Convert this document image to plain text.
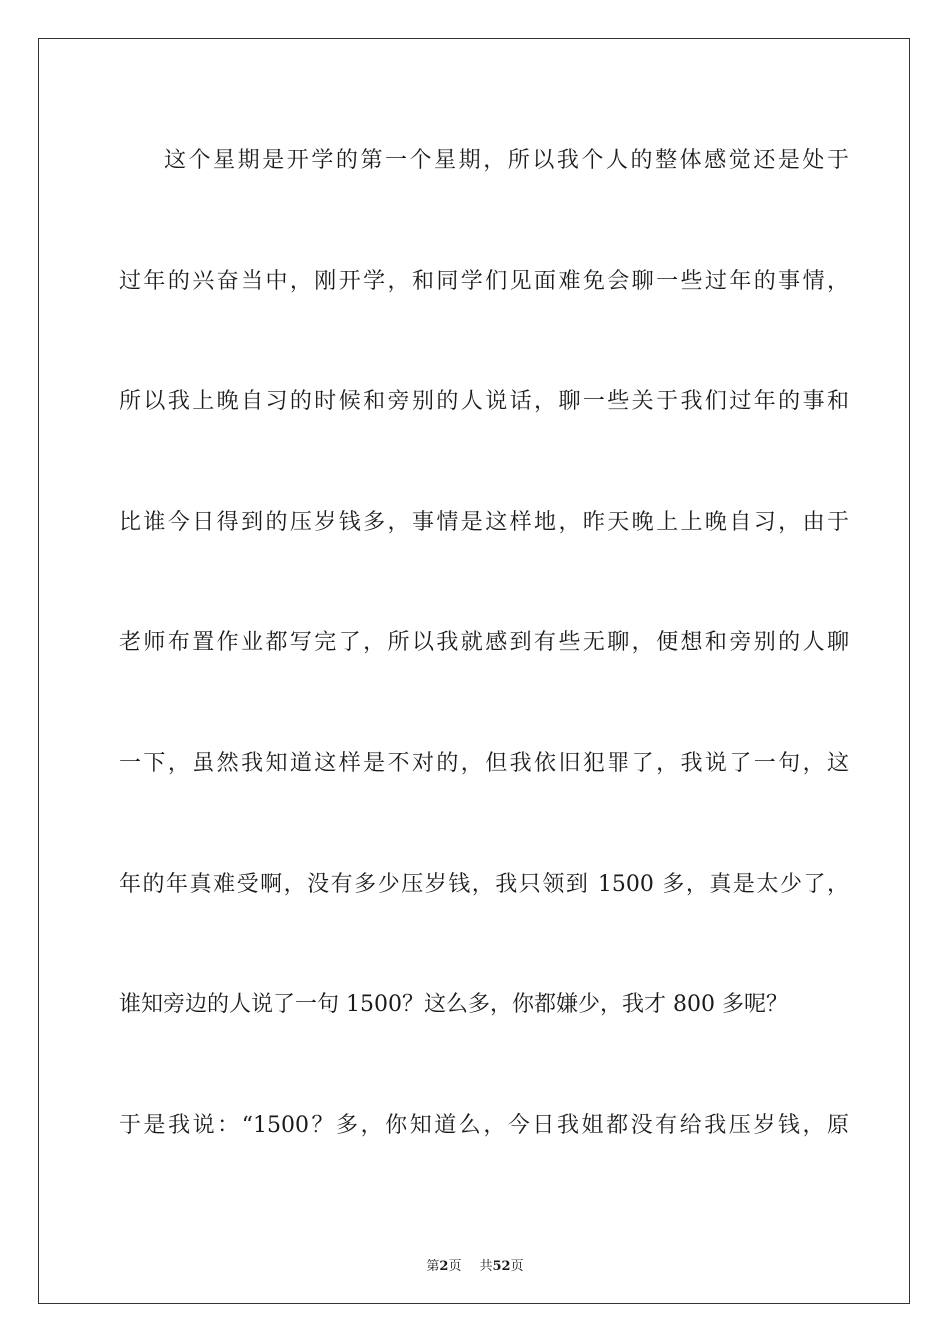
这个星期是开学的第一个星期，所以我个人的整体感觉还是处于
过年的兴奋当中，刚开学，和同学们见面难免会聊一些过年的事情，
所以我上晚自习的时候和旁别的人说话，聊一些关于我们过年的事和
比谁今日得到的压岁钱多，事情是这样地，昨天晚上上晚自习，由于
老师布置作业都写完了，所以我就感到有些无聊，便想和旁别的人聊
一下，虽然我知道这样是不对的，但我依旧犯罪了，我说了一句，这
年的年真难受啊，没有多少压岁钱，我只领到 1500 多，真是太少了，
谁知旁边的人说了一句 1500？这么多，你都嫌少，我才 800 多呢？
于是我说：“1500？多，你知道么，今日我姐都没有给我压岁钱，原
第2页 共52页
